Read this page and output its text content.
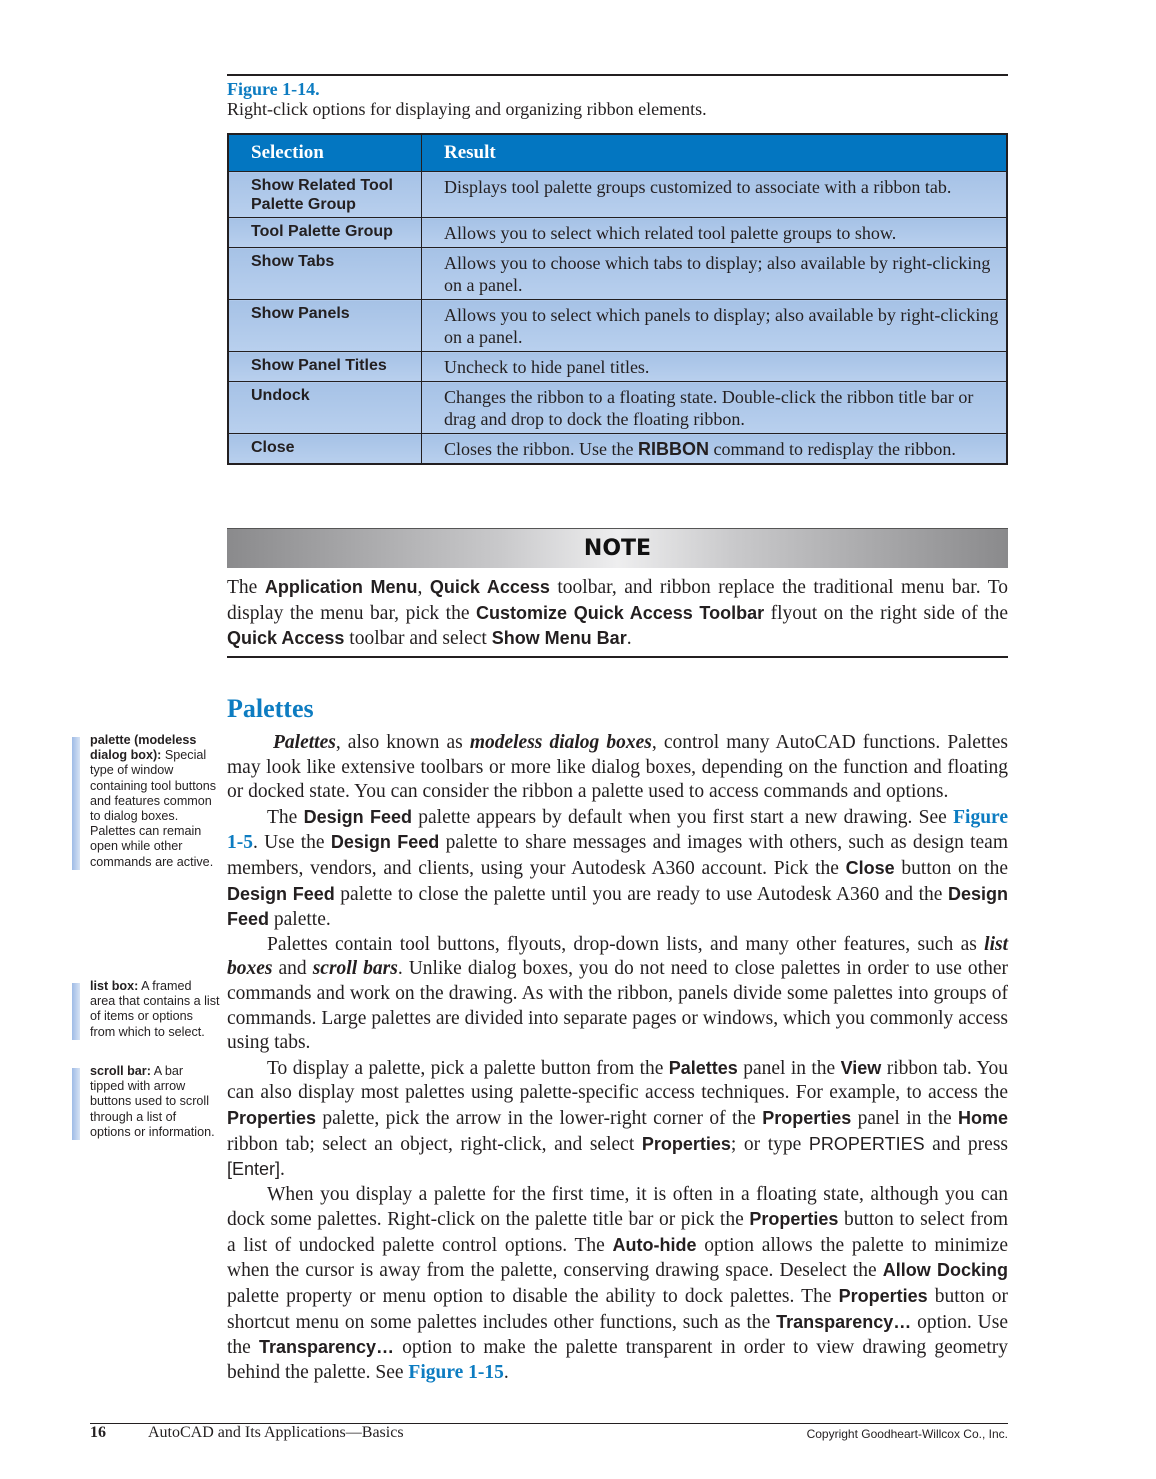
Figure 1-14.
Right-click options for displaying and organizing ribbon elements.
Selection	Result
Show Related Tool Palette Group	Displays tool palette groups customized to associate with a ribbon tab.
Tool Palette Group	Allows you to select which related tool palette groups to show.
Show Tabs	Allows you to choose which tabs to display; also available by right-clicking on a panel.
Show Panels	Allows you to select which panels to display; also available by right-clicking on a panel.
Show Panel Titles	Uncheck to hide panel titles.
Undock	Changes the ribbon to a floating state. Double-click the ribbon title bar or drag and drop to dock the floating ribbon.
Close	Closes the ribbon. Use the RIBBON command to redisplay the ribbon.
NOTE
The Application Menu, Quick Access toolbar, and ribbon replace the traditional menu bar. To display the menu bar, pick the Customize Quick Access Toolbar flyout on the right side of the Quick Access toolbar and select Show Menu Bar.
Palettes

Palettes, also known as modeless dialog boxes, control many AutoCAD functions. Palettes may look like extensive toolbars or more like dialog boxes, depending on the function and floating or docked state. You can consider the ribbon a palette used to access commands and options.

The Design Feed palette appears by default when you first start a new drawing. See Figure 1-5. Use the Design Feed palette to share messages and images with others, such as design team members, vendors, and clients, using your Autodesk A360 account. Pick the Close button on the Design Feed palette to close the palette until you are ready to use Autodesk A360 and the Design Feed palette.

Palettes contain tool buttons, flyouts, drop-down lists, and many other features, such as list boxes and scroll bars. Unlike dialog boxes, you do not need to close palettes in order to use other commands and work on the drawing. As with the ribbon, panels divide some palettes into groups of commands. Large palettes are divided into separate pages or windows, which you commonly access using tabs.

To display a palette, pick a palette button from the Palettes panel in the View ribbon tab. You can also display most palettes using palette-specific access techniques. For example, to access the Properties palette, pick the arrow in the lower-right corner of the Properties panel in the Home ribbon tab; select an object, right-click, and select Properties; or type PROPERTIES and press [Enter].

When you display a palette for the first time, it is often in a floating state, although you can dock some palettes. Right-click on the palette title bar or pick the Properties button to select from a list of undocked palette control options. The Auto-hide option allows the palette to minimize when the cursor is away from the palette, conserving drawing space. Deselect the Allow Docking palette property or menu option to disable the ability to dock palettes. The Properties button or shortcut menu on some palettes includes other functions, such as the Transparency… option. Use the Transparency… option to make the palette transparent in order to view drawing geometry behind the palette. See Figure 1-15.

palette (modeless dialog box): Special type of window containing tool buttons and features common to dialog boxes. Palettes can remain open while other commands are active.
list box: A framed area that contains a list of items or options from which to select.
scroll bar: A bar tipped with arrow buttons used to scroll through a list of options or information.
16	AutoCAD and Its Applications—Basics	Copyright Goodheart-Willcox Co., Inc.
